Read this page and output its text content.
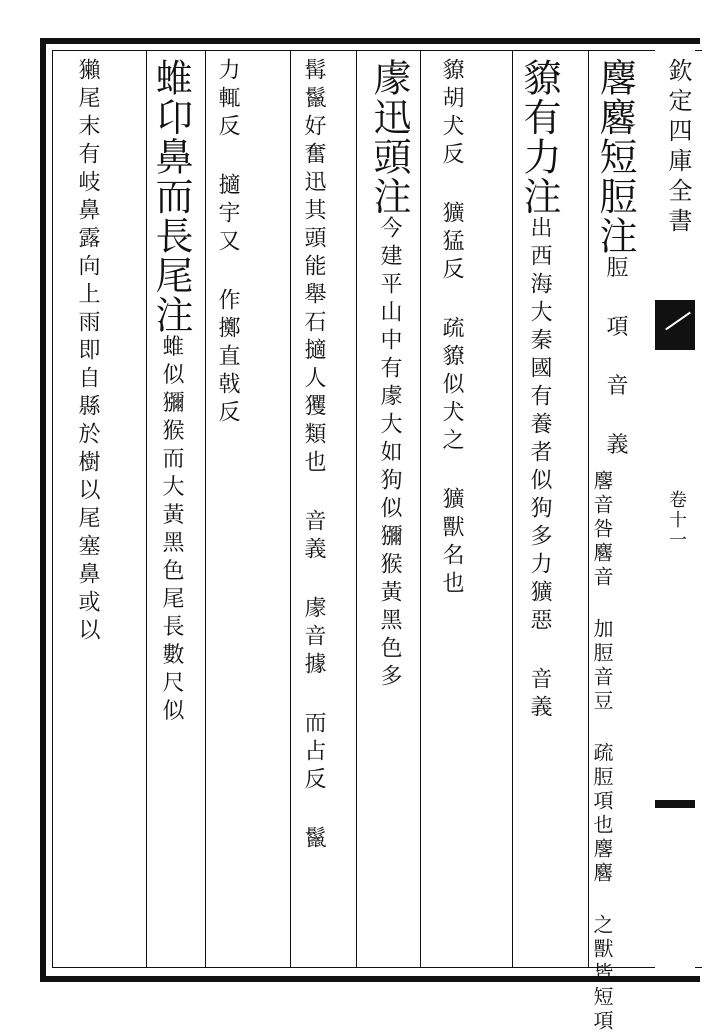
麐麔短脰注脰 項 音 義
麐音咎麔音 加脰音豆 疏脰項也麐麔 之獸皆短項
䝤有力注出西海大秦國有養者似狗多力獷惡 音義
䝤胡犬反 獷猛反 疏䝤似犬之 獷獸名也
豦迅頭注今建平山中有豦大如狗似獼猴黃黑色多
髯鬣好奮迅其頭能舉石擿人玃類也 音義 豦音據 而占反 鬣
力輒反 擿宇又 作擲直戟反
蜼卬鼻而長尾注蜼似獼猴而大黃黑色尾長數尺似
獺尾末有岐鼻露向上雨即自縣於樹以尾塞鼻或以	欽定四庫全書
卷十一
